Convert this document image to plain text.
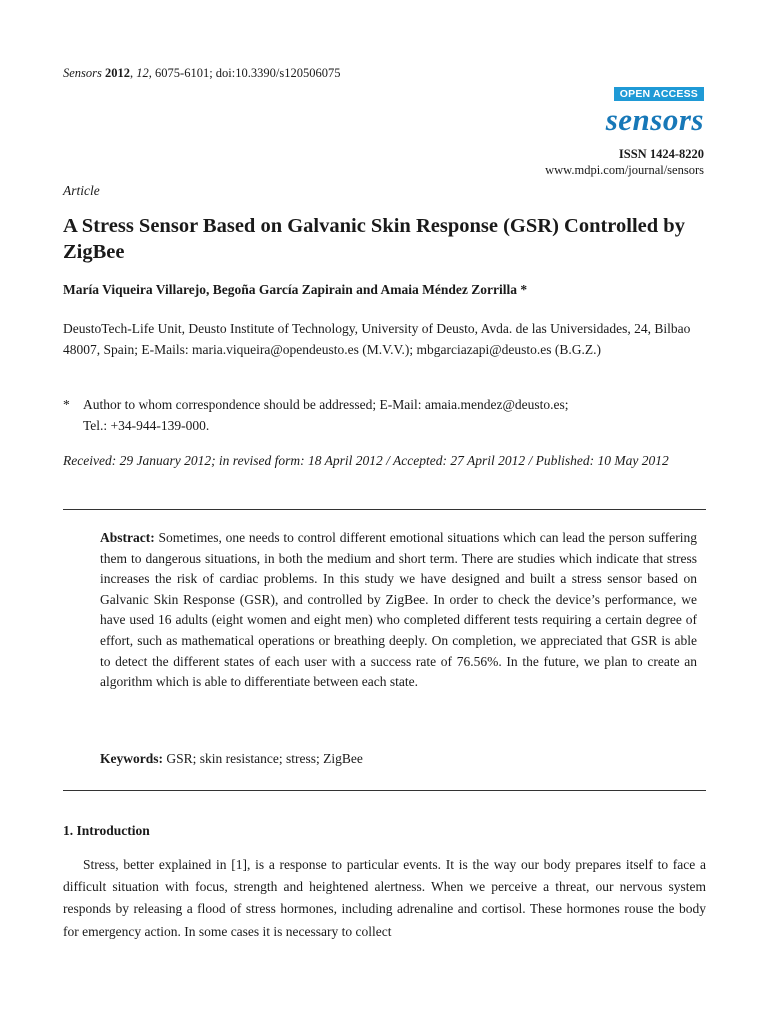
Sensors 2012, 12, 6075-6101; doi:10.3390/s120506075
OPEN ACCESS
sensors
ISSN 1424-8220
www.mdpi.com/journal/sensors
Article
A Stress Sensor Based on Galvanic Skin Response (GSR) Controlled by ZigBee
María Viqueira Villarejo, Begoña García Zapirain and Amaia Méndez Zorrilla *
DeustoTech-Life Unit, Deusto Institute of Technology, University of Deusto, Avda. de las Universidades, 24, Bilbao 48007, Spain; E-Mails: maria.viqueira@opendeusto.es (M.V.V.); mbgarciazapi@deusto.es (B.G.Z.)
* Author to whom correspondence should be addressed; E-Mail: amaia.mendez@deusto.es;
Tel.: +34-944-139-000.
Received: 29 January 2012; in revised form: 18 April 2012 / Accepted: 27 April 2012 / Published: 10 May 2012
Abstract: Sometimes, one needs to control different emotional situations which can lead the person suffering them to dangerous situations, in both the medium and short term. There are studies which indicate that stress increases the risk of cardiac problems. In this study we have designed and built a stress sensor based on Galvanic Skin Response (GSR), and controlled by ZigBee. In order to check the device’s performance, we have used 16 adults (eight women and eight men) who completed different tests requiring a certain degree of effort, such as mathematical operations or breathing deeply. On completion, we appreciated that GSR is able to detect the different states of each user with a success rate of 76.56%. In the future, we plan to create an algorithm which is able to differentiate between each state.
Keywords: GSR; skin resistance; stress; ZigBee
1. Introduction
Stress, better explained in [1], is a response to particular events. It is the way our body prepares itself to face a difficult situation with focus, strength and heightened alertness. When we perceive a threat, our nervous system responds by releasing a flood of stress hormones, including adrenaline and cortisol. These hormones rouse the body for emergency action. In some cases it is necessary to collect
